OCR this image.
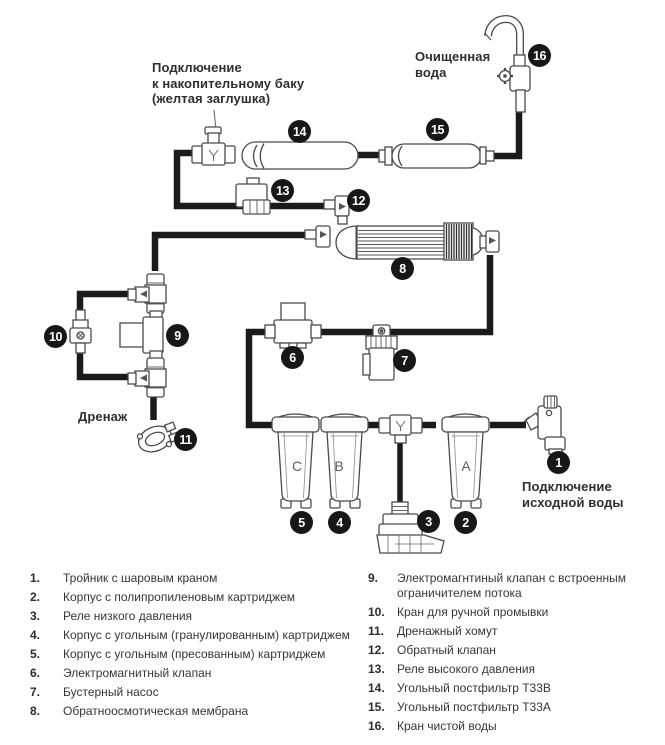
Подключение
к накопительному баку
(желтая заглушка)
Очищенная
вода
Дренаж
Подключение
исходной воды
C	B	A	1
2
3
4
5
6	7
8
9
10
11
12
13
14	15
16
1.	Тройник с шаровым краном
2.	Корпус с полипропиленовым картриджем
3.	Реле низкого давления
4.	Корпус с угольным (гранулированным) картриджем
5.	Корпус с угольным (пресованным) картриджем
6.	Электромагнитный клапан
7.	Бустерный насос
8.	Обратноосмотическая мембрана
9.	Электромагнтиный клапан с встроенным ограничителем потока
10.	Кран для ручной промывки
11.	Дренажный хомут
12.	Обратный клапан
13.	Реле высокого давления
14.	Угольный постфильтр Т33В
15.	Угольный постфильтр Т33А
16.	Кран чистой воды
